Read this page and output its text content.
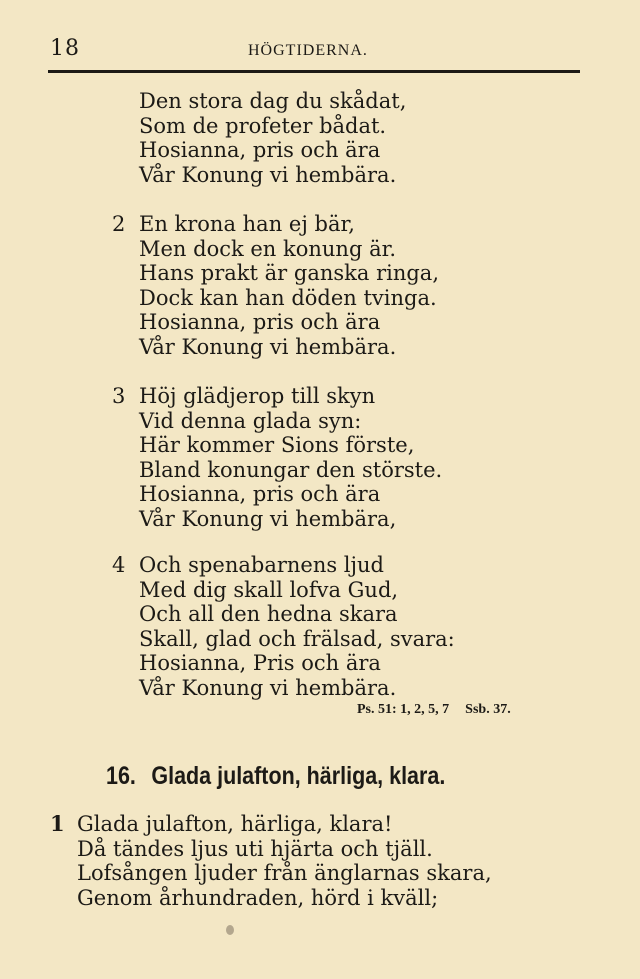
18	HÖGTIDERNA.
Den stora dag du skådat,
Som de profeter bådat.
Hosianna, pris och ära
Vår Konung vi hembära.
2 En krona han ej bär,
Men dock en konung är.
Hans prakt är ganska ringa,
Dock kan han döden tvinga.
Hosianna, pris och ära
Vår Konung vi hembära.
3 Höj glädjerop till skyn
Vid denna glada syn:
Här kommer Sions förste,
Bland konungar den störste.
Hosianna, pris och ära
Vår Konung vi hembära,
4 Och spenabarnens ljud
Med dig skall lofva Gud,
Och all den hedna skara
Skall, glad och frälsad, svara:
Hosianna, Pris och ära
Vår Konung vi hembära.
Ps. 51: 1, 2, 5, 7 Ssb. 37.
16. Glada julafton, härliga, klara.
1 Glada julafton, härliga, klara!
Då tändes ljus uti hjärta och tjäll.
Lofsången ljuder från änglarnas skara,
Genom århundraden, hörd i kväll;
